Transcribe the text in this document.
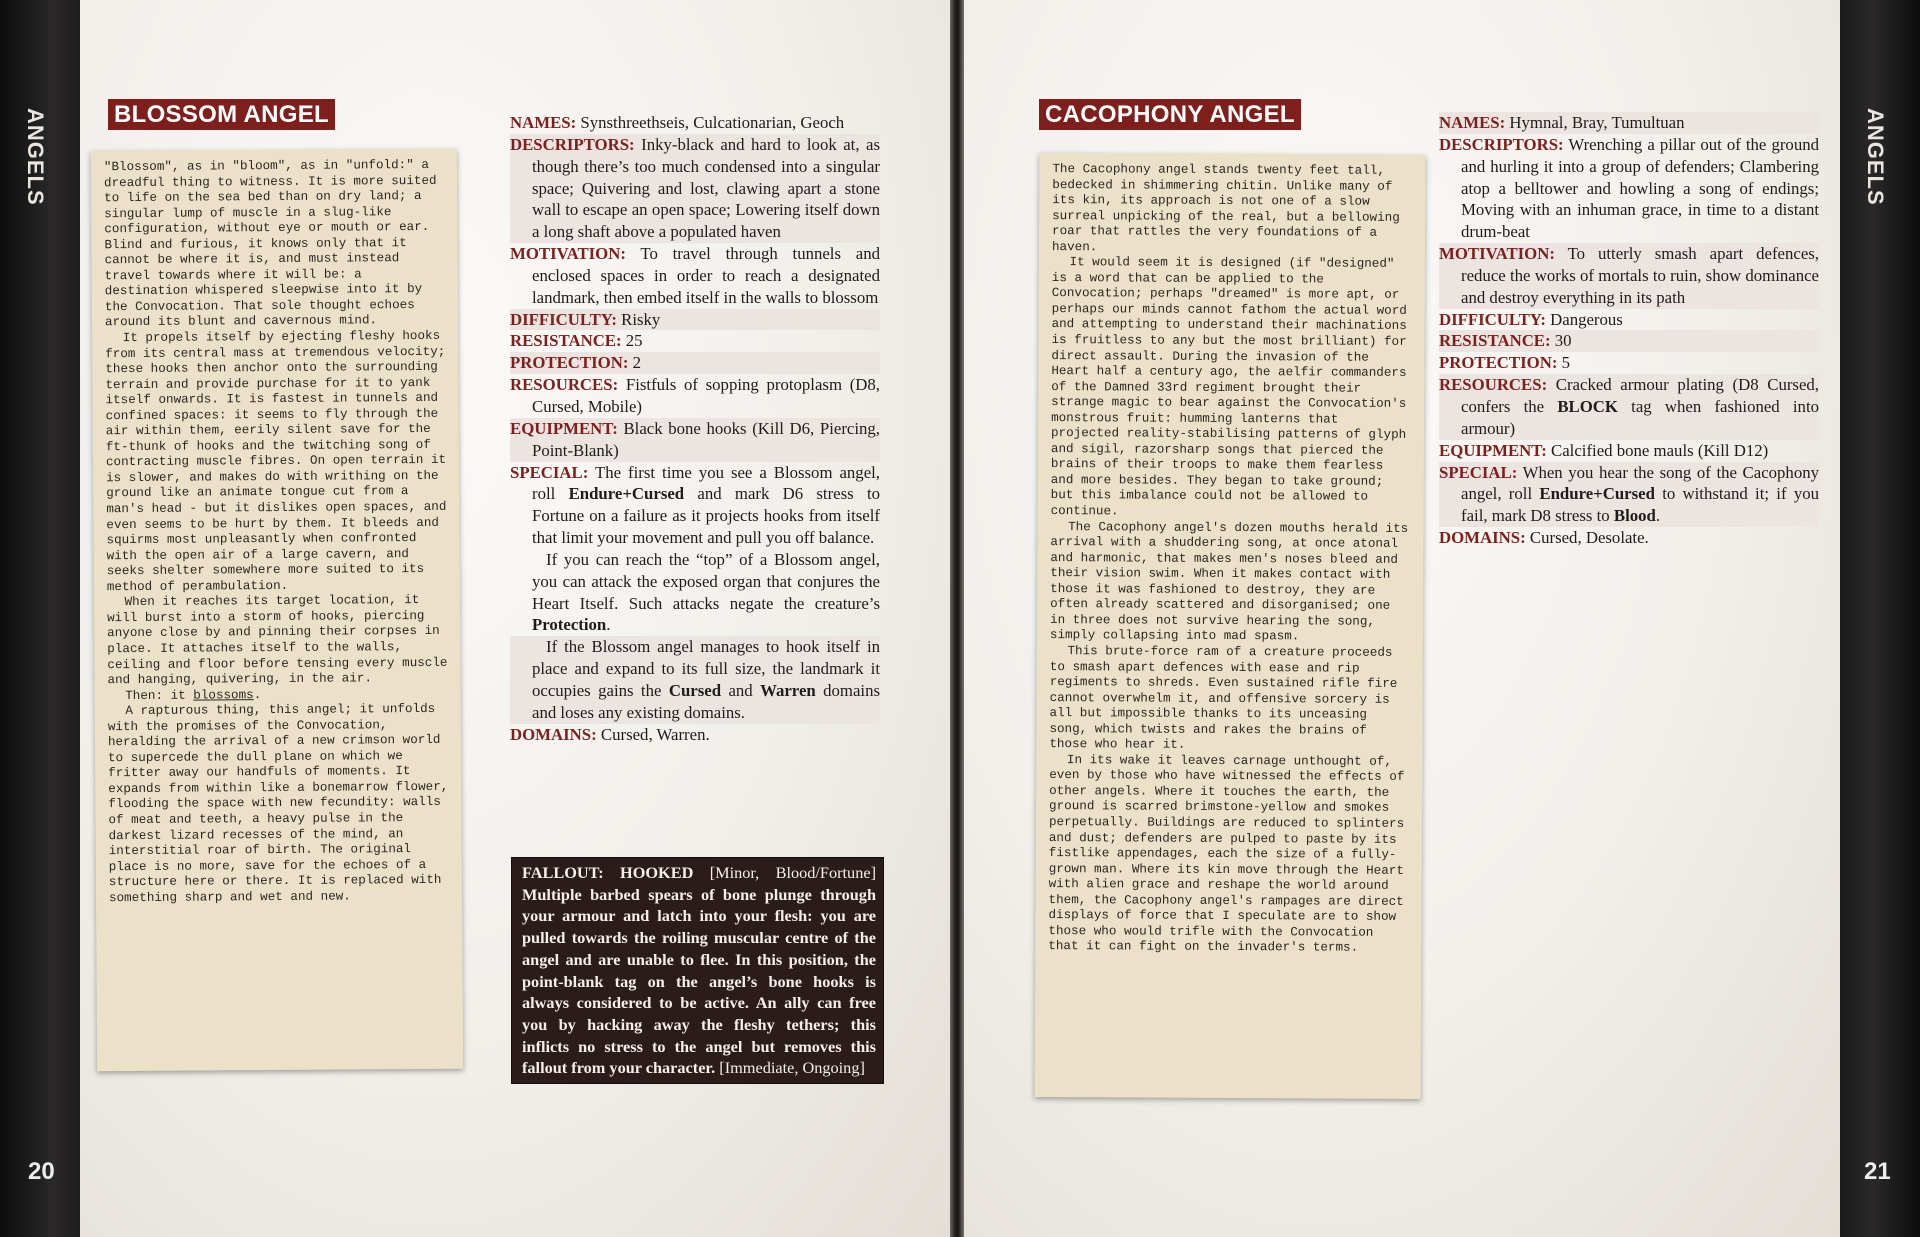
ANGELS
20
BLOSSOM ANGEL

"Blossom", as in "bloom", as in "unfold:" a dreadful thing to witness. It is more suited to life on the sea bed than on dry land; a singular lump of muscle in a slug-like configuration, without eye or mouth or ear. Blind and furious, it knows only that it cannot be where it is, and must instead travel towards where it will be: a destination whispered sleepwise into it by the Convocation. That sole thought echoes around its blunt and cavernous mind.

It propels itself by ejecting fleshy hooks from its central mass at tremendous velocity; these hooks then anchor onto the surrounding terrain and provide purchase for it to yank itself onwards. It is fastest in tunnels and confined spaces: it seems to fly through the air within them, eerily silent save for the ft-thunk of hooks and the twitching song of contracting muscle fibres. On open terrain it is slower, and makes do with writhing on the ground like an animate tongue cut from a man's head - but it dislikes open spaces, and even seems to be hurt by them. It bleeds and squirms most unpleasantly when confronted with the open air of a large cavern, and seeks shelter somewhere more suited to its method of perambulation.

When it reaches its target location, it will burst into a storm of hooks, piercing anyone close by and pinning their corpses in place. It attaches itself to the walls, ceiling and floor before tensing every muscle and hanging, quivering, in the air.

Then: it blossoms.

A rapturous thing, this angel; it unfolds with the promises of the Convocation, heralding the arrival of a new crimson world to supercede the dull plane on which we fritter away our handfuls of moments. It expands from within like a bonemarrow flower, flooding the space with new fecundity: walls of meat and teeth, a heavy pulse in the darkest lizard recesses of the mind, an interstitial roar of birth. The original place is no more, save for the echoes of a structure here or there. It is replaced with something sharp and wet and new.

NAMES: Synsthreethseis, Culcationarian, Geoch
DESCRIPTORS: Inky-black and hard to look at, as though there’s too much condensed into a singular space; Quivering and lost, clawing apart a stone wall to escape an open space; Lowering itself down a long shaft above a populated haven
MOTIVATION: To travel through tunnels and enclosed spaces in order to reach a designated landmark, then embed itself in the walls to blossom
DIFFICULTY: Risky
RESISTANCE: 25
PROTECTION: 2
RESOURCES: Fistfuls of sopping protoplasm (D8, Cursed, Mobile)
EQUIPMENT: Black bone hooks (Kill D6, Piercing, Point-Blank)
SPECIAL: The first time you see a Blossom angel, roll Endure+Cursed and mark D6 stress to Fortune on a failure as it projects hooks from itself that limit your movement and pull you off balance.
If you can reach the “top” of a Blossom angel, you can attack the exposed organ that conjures the Heart Itself. Such attacks negate the creature’s Protection.
If the Blossom angel manages to hook itself in place and expand to its full size, the landmark it occupies gains the Cursed and Warren domains and loses any existing domains.
DOMAINS: Cursed, Warren.
FALLOUT: HOOKED [Minor, Blood/Fortune] Multiple barbed spears of bone plunge through your armour and latch into your flesh: you are pulled towards the roiling muscular centre of the angel and are unable to flee. In this position, the point-blank tag on the angel’s bone hooks is always considered to be active. An ally can free you by hacking away the fleshy tethers; this inflicts no stress to the angel but removes this fallout from your character. [Immediate, Ongoing]
CACOPHONY ANGEL

The Cacophony angel stands twenty feet tall, bedecked in shimmering chitin. Unlike many of its kin, its approach is not one of a slow surreal unpicking of the real, but a bellowing roar that rattles the very foundations of a haven.

It would seem it is designed (if "designed" is a word that can be applied to the Convocation; perhaps "dreamed" is more apt, or perhaps our minds cannot fathom the actual word and attempting to understand their machinations is fruitless to any but the most brilliant) for direct assault. During the invasion of the Heart half a century ago, the aelfir commanders of the Damned 33rd regiment brought their strange magic to bear against the Convocation's monstrous fruit: humming lanterns that projected reality-stabilising patterns of glyph and sigil, razorsharp songs that pierced the brains of their troops to make them fearless and more besides. They began to take ground; but this imbalance could not be allowed to continue.

The Cacophony angel's dozen mouths herald its arrival with a shuddering song, at once atonal and harmonic, that makes men's noses bleed and their vision swim. When it makes contact with those it was fashioned to destroy, they are often already scattered and disorganised; one in three does not survive hearing the song, simply collapsing into mad spasm.

This brute-force ram of a creature proceeds to smash apart defences with ease and rip regiments to shreds. Even sustained rifle fire cannot overwhelm it, and offensive sorcery is all but impossible thanks to its unceasing song, which twists and rakes the brains of those who hear it.

In its wake it leaves carnage unthought of, even by those who have witnessed the effects of other angels. Where it touches the earth, the ground is scarred brimstone-yellow and smokes perpetually. Buildings are reduced to splinters and dust; defenders are pulped to paste by its fistlike appendages, each the size of a fully-grown man. Where its kin move through the Heart with alien grace and reshape the world around them, the Cacophony angel's rampages are direct displays of force that I speculate are to show those who would trifle with the Convocation that it can fight on the invader's terms.

NAMES: Hymnal, Bray, Tumultuan
DESCRIPTORS: Wrenching a pillar out of the ground and hurling it into a group of defenders; Clambering atop a belltower and howling a song of endings; Moving with an inhuman grace, in time to a distant drum-beat
MOTIVATION: To utterly smash apart defences, reduce the works of mortals to ruin, show dominance and destroy everything in its path
DIFFICULTY: Dangerous
RESISTANCE: 30
PROTECTION: 5
RESOURCES: Cracked armour plating (D8 Cursed, confers the BLOCK tag when fashioned into armour)
EQUIPMENT: Calcified bone mauls (Kill D12)
SPECIAL: When you hear the song of the Cacophony angel, roll Endure+Cursed to withstand it; if you fail, mark D8 stress to Blood.
DOMAINS: Cursed, Desolate.
ANGELS
21
